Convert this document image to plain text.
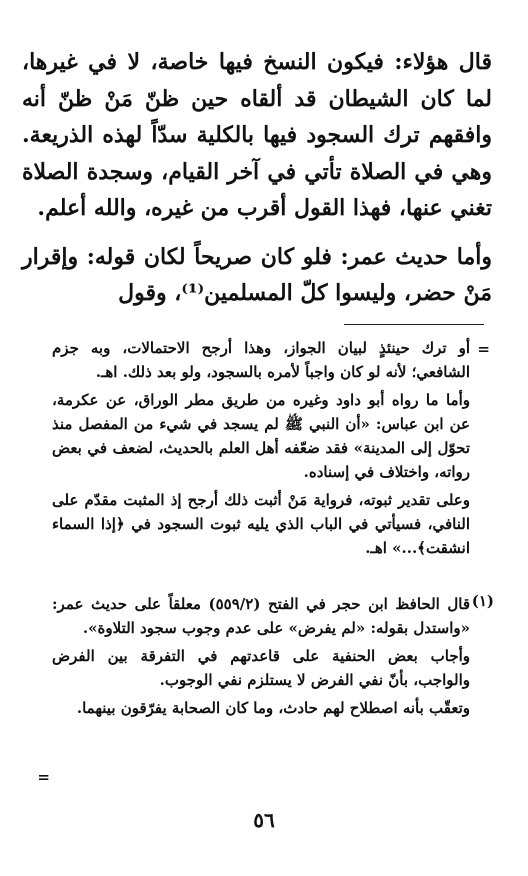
قال هؤلاء: فيكون النسخ فيها خاصة، لا في غيرها، لما كان الشيطان قد ألقاه حين ظنّ مَنْ ظنّ أنه وافقهم ترك السجود فيها بالكلية سدّاً لهذه الذريعة. وهي في الصلاة تأتي في آخر القيام، وسجدة الصلاة تغني عنها، فهذا القول أقرب من غيره، والله أعلم.

وأما حديث عمر: فلو كان صريحاً لكان قوله: وإقرار مَنْ حضر، وليسوا كلّ المسلمين⁽¹⁾، وقول

=

أو ترك حينئذٍ لبيان الجواز، وهذا أرجح الاحتمالات، وبه جزم الشافعي؛ لأنه لو كان واجباً لأمره بالسجود، ولو بعد ذلك. اهـ.

وأما ما رواه أبو داود وغيره من طريق مطر الوراق، عن عكرمة، عن ابن عباس: «أن النبي ﷺ لم يسجد في شيء من المفصل منذ تحوّل إلى المدينة» فقد ضعّفه أهل العلم بالحديث، لضعف في بعض رواته، واختلاف في إسناده.

وعلى تقدير ثبوته، فرواية مَنْ أثبت ذلك أرجح إذ المثبت مقدّم على النافي، فسيأتي في الباب الذي يليه ثبوت السجود في ﴿إذا السماء انشقت﴾...» اهـ.

(١)

قال الحافظ ابن حجر في الفتح (٥٥٩/٢) معلقاً على حديث عمر: «واستدل بقوله: «لم يفرض» على عدم وجوب سجود التلاوة».

وأجاب بعض الحنفية على قاعدتهم في التفرقة بين الفرض والواجب، بأنّ نفي الفرض لا يستلزم نفي الوجوب.

وتعقّب بأنه اصطلاح لهم حادث، وما كان الصحابة يفرّقون بينهما.

=
٥٦
